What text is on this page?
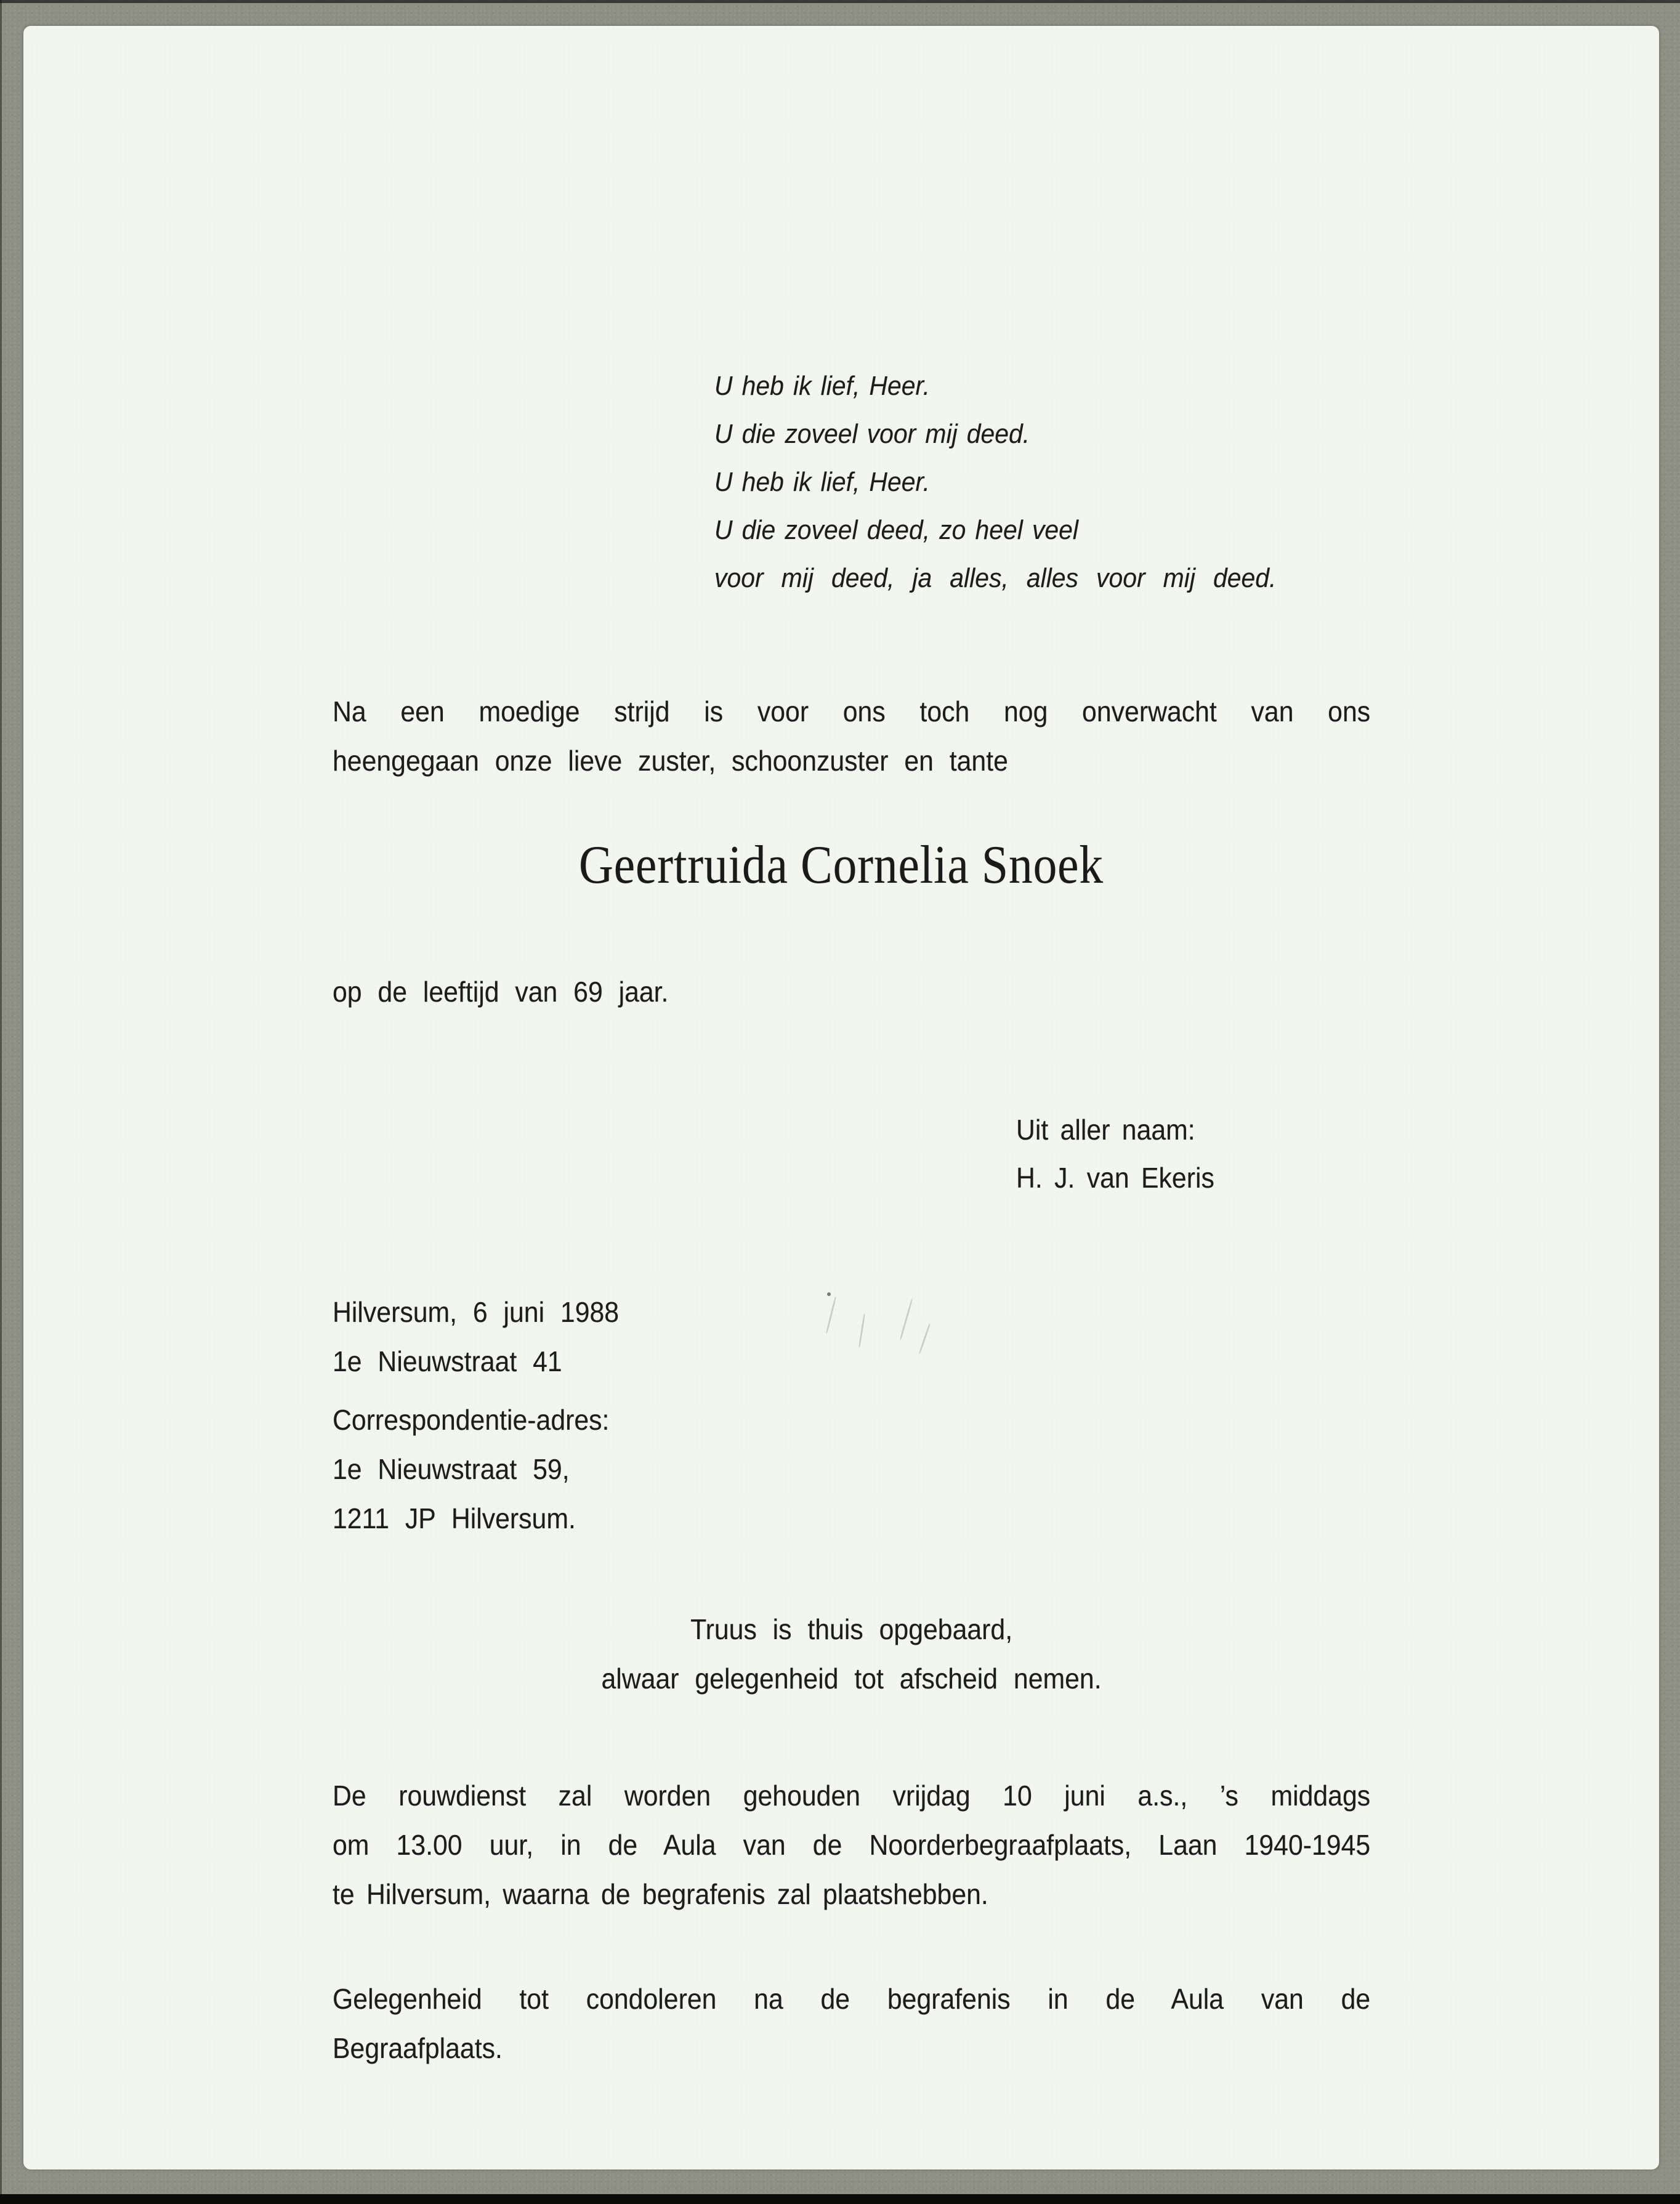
U heb ik lief, Heer.
U die zoveel voor mij deed.
U heb ik lief, Heer.
U die zoveel deed, zo heel veel
voor mij deed, ja alles, alles voor mij deed.
Na een moedige strijd is voor ons toch nog onverwacht van ons
heengegaan onze lieve zuster, schoonzuster en tante
Geertruida Cornelia Snoek
op de leeftijd van 69 jaar.
Uit aller naam:
H. J. van Ekeris
Hilversum, 6 juni 1988
1e Nieuwstraat 41
Correspondentie-adres:
1e Nieuwstraat 59,
1211 JP Hilversum.
Truus is thuis opgebaard,
alwaar gelegenheid tot afscheid nemen.
De rouwdienst zal worden gehouden vrijdag 10 juni a.s., ’s middags
om 13.00 uur, in de Aula van de Noorderbegraafplaats, Laan 1940-1945
te Hilversum, waarna de begrafenis zal plaatshebben.
Gelegenheid tot condoleren na de begrafenis in de Aula van de
Begraafplaats.
